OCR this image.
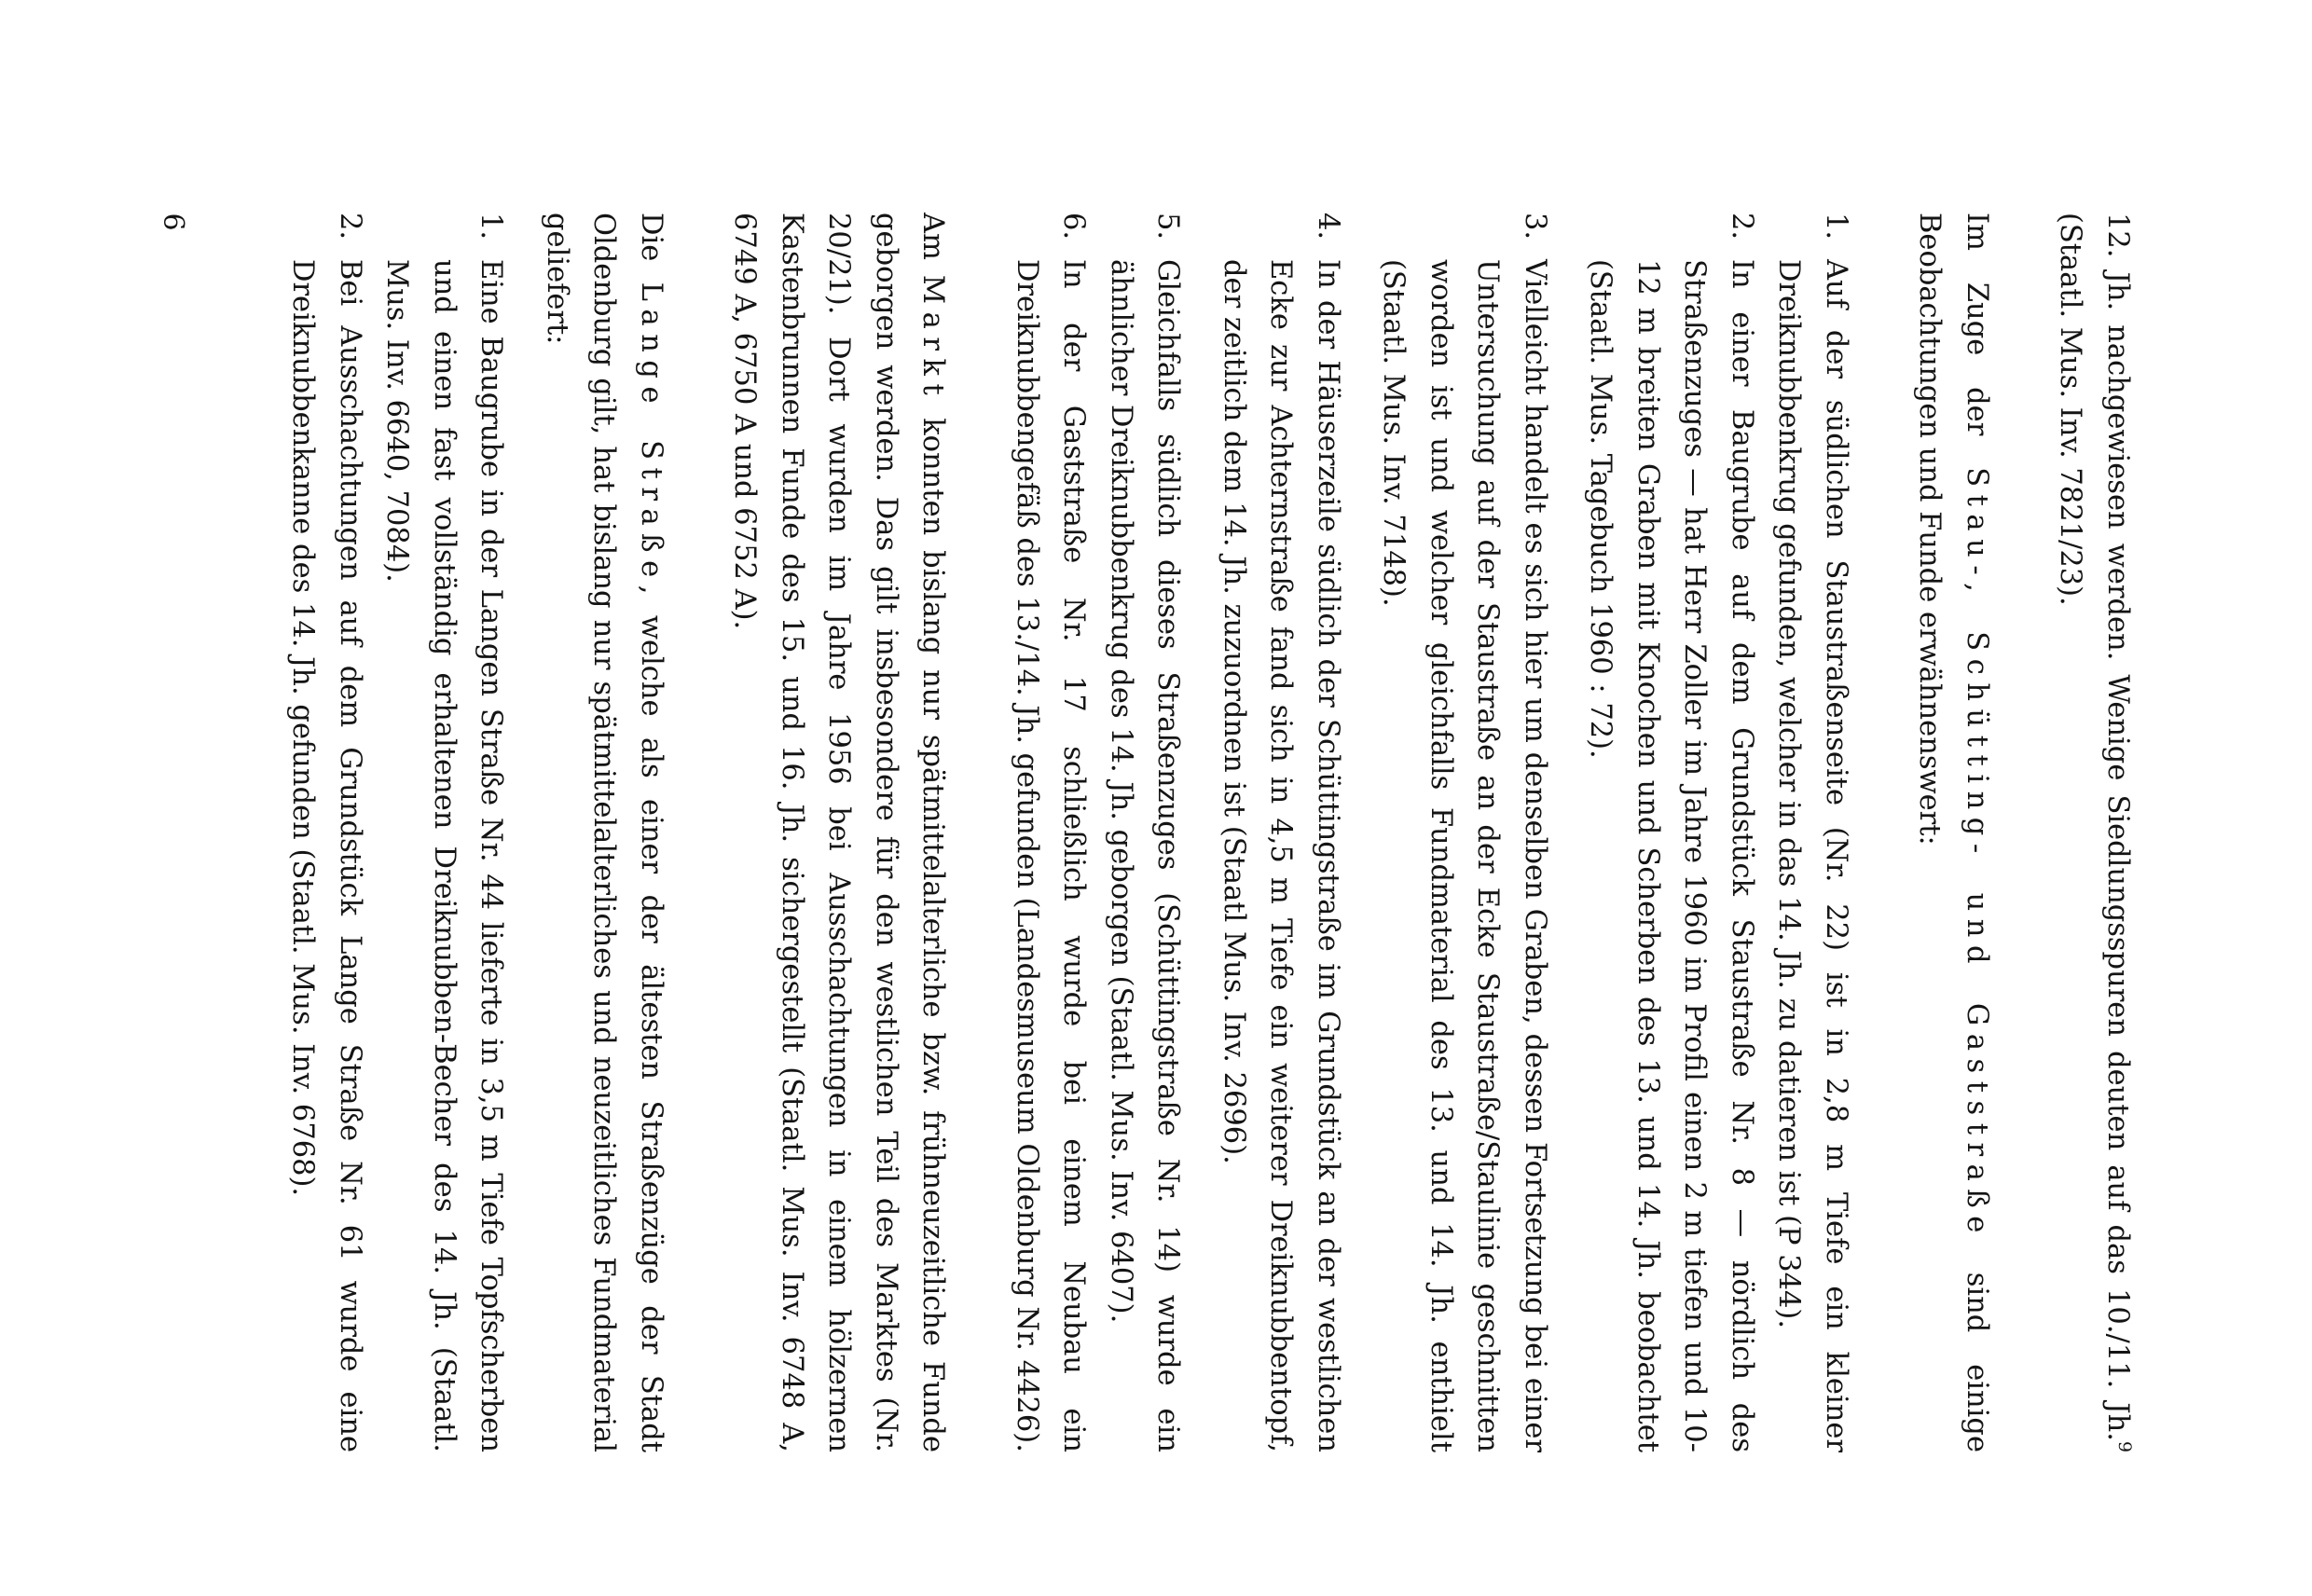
12. Jh. nachgewiesen werden. Wenige Siedlungsspuren deuten auf das 10./11. Jh.$^9$ (Staatl. Mus. Inv. 7821/23).

Im Zuge der Stau-, Schütting- und Gaststraße sind einige Beobachtungen und Funde erwähnenswert:

1.
Auf der südlichen Staustraßenseite (Nr. 22) ist in 2,8 m Tiefe ein kleiner Dreiknubbenkrug gefunden, welcher in das 14. Jh. zu datieren ist (P 344).
2.
In einer Baugrube auf dem Grundstück Staustraße Nr. 8 — nördlich des Straßenzuges — hat Herr Zoller im Jahre 1960 im Profil einen 2 m tiefen und 10-12 m breiten Graben mit Knochen und Scherben des 13. und 14. Jh. beobachtet (Staatl. Mus. Tagebuch 1960 : 72).
3.
Vielleicht handelt es sich hier um denselben Graben, dessen Fortsetzung bei einer Untersuchung auf der Staustraße an der Ecke Staustraße/Staulinie geschnitten worden ist und welcher gleichfalls Fundmaterial des 13. und 14. Jh. enthielt (Staatl. Mus. Inv. 7148).
4.
In der Häuserzeile südlich der Schüttingstraße im Grundstück an der westlichen Ecke zur Achternstraße fand sich in 4,5 m Tiefe ein weiterer Dreiknubbentopf, der zeitlich dem 14. Jh. zuzuordnen ist (Staatl Mus. Inv. 2696).
5.
Gleichfalls südlich dieses Straßenzuges (Schüttingstraße Nr. 14) wurde ein ähnlicher Dreiknubbenkrug des 14. Jh. geborgen (Staatl. Mus. Inv. 6407).
6.
In der Gaststraße Nr. 17 schließlich wurde bei einem Neubau ein Dreiknubbengefäß des 13./14. Jh. gefunden (Landesmuseum Oldenburg Nr. 4426).

Am Markt konnten bislang nur spätmittelalterliche bzw. frühneuzeitliche Funde geborgen werden. Das gilt insbesondere für den westlichen Teil des Marktes (Nr. 20/21). Dort wurden im Jahre 1956 bei Ausschachtungen in einem hölzernen Kastenbrunnen Funde des 15. und 16. Jh. sichergestellt (Staatl. Mus. Inv. 6748 A, 6749 A, 6750 A und 6752 A).

Die Lange Straße, welche als einer der ältesten Straßenzüge der Stadt Oldenburg gilt, hat bislang nur spätmittelalterliches und neuzeitliches Fundmaterial geliefert:

1.
Eine Baugrube in der Langen Straße Nr. 44 lieferte in 3,5 m Tiefe Topfscherben und einen fast vollständig erhaltenen Dreiknubben-Becher des 14. Jh. (Staatl. Mus. Inv. 6640, 7084).
2.
Bei Ausschachtungen auf dem Grundstück Lange Straße Nr. 61 wurde eine Dreiknubbenkanne des 14. Jh. gefunden (Staatl. Mus. Inv. 6768).
6
